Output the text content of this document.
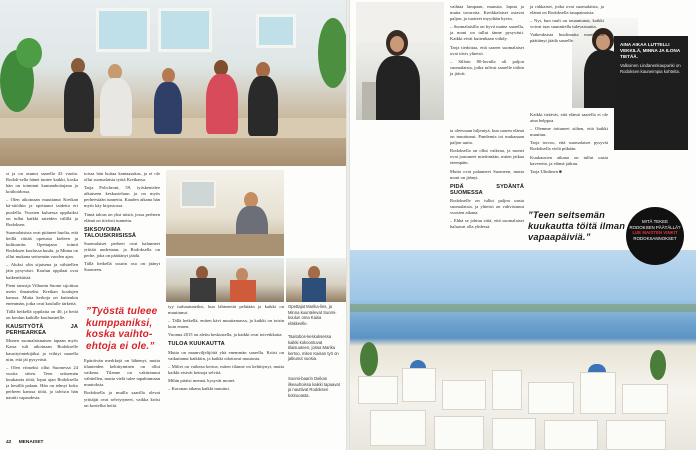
si ja on asunut saarella 43 vuotta. Rodok-sella hänet tuntee kaikki, koska hän on toiminut kunnanhoitajana ja kotihoidossa.

– Olen aikoinaan muuttanut Kreikan kä-sitöihin ja opettanut taidetta eri puolella. Vuosien kuluessa oppilaiksi on tullut kaikki sateiden välillä ja Rodoksen.

Suomalaisista ovat pitäneet huolta, että heillä riittää opetusta kieleen ja kulttuuriin. Opettajana toimii Rodoksen koulussa kuulu, ja Minna on ollut mukana seitsemän vuoden ajan.

– Aluksi olin sijaisena ja vähitellen jäin pysyvästi. Koulun oppilaat ovat kaikenikäisiä.

Pieni tanssija Vilhonin Suomi sijoittuu usein ilmaiseksi Kreikan koulujen kanssa. Muita kerhoja on kuitenkin enemmän, jotka ovat koululle tärkeitä.

Tällä hetkellä oppilaita on 40, ja heitä on koulun kaikille kouluasteille.

KAUSITYÖTÄ JA PERHEARKEA

Monen suomalaisnaisen tapaan myös Kaisa tuli aikoinaan Rodokselle kausityöntekijäksi ja viihtyi saarella niin, että jäi pysyvästi.

– Olen viimeksi ollut Suomessa 24 vuotta sitten. Teen seitsemän kuukautta töitä, loput ajan Rodoksella ja kesällä palaan. Hän on tehnyt koko perheen kanssa töitä, ja talvisin hän nauttii vapaudesta.

toissa hän hoitaa kantaasukas, ja ei ole ollut suomalaista työtä Kreikassa.

Tarja Polichroni, 59, työskentelee aikuiseen keskusteluun ja on myös perheestään tunnettu. Kauden aikana hän myös käy kirjastossa.

Tämä talous on yksi niistä, jossa perheen elämä on tiiviisti tunnettu.

SIKSOVOIMA TALOUSKRIISISSÄ

Suomalaiset perheet ovat halunneet yrittää uudestaan, ja Rodoksella on perhe, joka on päättänyt jäädä.

Tällä hetkellä suurin osa on jäänyt Suomeen.

”Työstä tuleee kumppaniksi, koska vaihto-ehtoja ei ole.”

Epäröivän merkkejä on lähtenyt, mutta tilanteiden kehittyminen on ollut vaikeaa. Tilanne on vakiintunut vähitellen, mutta vielä tulee tapahtumaan muutoksia.

Rodoksella ja muilla saarilla olevat yrittäjät ovat selviytyneet, vaikka kriisi on koetellut heitä.

tyy turhautuneiksi, kun lähteneitä pelätään ja kaikki on muuttunut.

– Tällä hetkellä, eniten kävi muuttamassa, ja kaikki on toisin kuin ennen.

Vuonna 2015 on alettu keskustella, ja kaikki ovat toiveikkaita.

TULOA KUUKAUTTA

Mutta on maanviljelijöitä yhä enemmän saarella. Kriisi on vaikuttanut kaikkiin, ja kaikki odottavat muutosta.

– Miltei on vaikeaa kertoa, miten tilanne on kehittynyt, mutta kaikki etsivät keinoja selvitä.

Mihin pitäisi mennä, kysyvät monet.

– Koronan aikana kaikki muuttui.

Opettajat Marika-lies, ja Minna kuuntelevat Suomi-koulun oma Kaisa eläkkeelle.
Tsaitobos-keskuksessa kaikki kokoontuvat tilaisuuteen, jossa Marika kertoo, miten Kaisan työ on jatkunut vuosia.
Suomi-baarin Deikan ilkeauhoissa kaikki tapaavat ja nauttivat Rodoksen kotiruoasta.
42 MENAISET

vaihtaa lampaan, maustia, lapsia ja muita tavaroita. Kreikkalaiset ostavat paljon, ja tuotteet myydään hyvin.

– Suomalaisilla on hyvä maine saarella, ja moni on tullut tänne pysyvästi. Kaikki eivät kuitenkaan viihdy.

Tarja tiedottaa, että saaren suomalaiset ovat tiivis yhteisö.

– Silloin 80-luvulla oli paljon suomalaisia, jotka tulivat saarelle töihin ja jäivät.

ia oleessaan hiljentyä, kun saaren elämä on muuttunut. Pandemia toi mukanaan paljon uutta.

Rodoksella on ollut vaikeaa, ja monet ovat joutuneet miettimään, miten jatkaa eteenpäin.

Muita ovat palanneet Suomeen, mutta moni on jäänyt.

PIDÄ SYDÄNTÄ SUOMESSA

Rodokselle on tullut paljon uusia suomalaisia, ja yhteisö on vahvistunut vuosien aikana.

– Ehkä se johtuu siitä, että suomalaiset haluavat olla yhdessä.

ja rakkaiset, jotka ovat suomalaisia, ja elämä on Rodoksella tasapainoista.

– Nyt, kun tuuli on tasaantunut, kaikki voivat taas suunnitella tulevaisuutta.

Vaikeuksista huolimatta moni on päättänyt jäädä saarelle.

Kaikki tietävät, että elämä saarella ei ole aina helppoa.

– Olemme tottuneet siihen, että kaikki muuttuu.

Tarja toivoo, että suomalaiset pysyvät Rodoksella vielä pitkään.

Kuukausien aikana on tullut uusia kavereita, ja elämä jatkuu.

Tarja Ulinlinen ■

”Teen seitsemän kuukautta töitä ilman vapaapäiviä.”
AINA AIKAA LUTTELLI VEKKILÄ, MINNA JA ILONA TIETÄÄ.
Valkoinen Lindanenkaupunki on Rodoksen kauneimpia kohteita.
MITÄ TEKEE
RODOKSEN PÄÄTÄLLÄ?
LUE MAISTEN VINKIT
RODOKSANNOKSET
